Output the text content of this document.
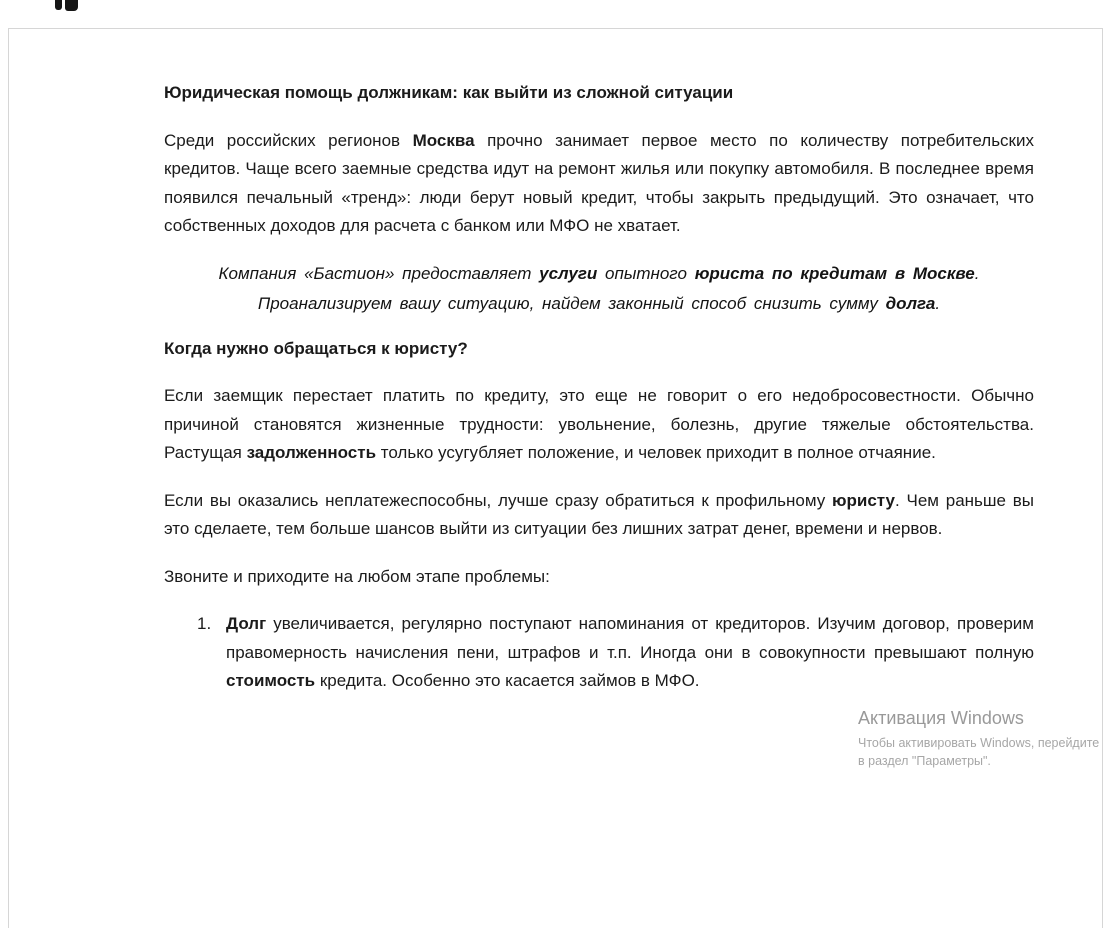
Юридическая помощь должникам: как выйти из сложной ситуации
Среди российских регионов Москва прочно занимает первое место по количеству потребительских кредитов. Чаще всего заемные средства идут на ремонт жилья или покупку автомобиля. В последнее время появился печальный «тренд»: люди берут новый кредит, чтобы закрыть предыдущий. Это означает, что собственных доходов для расчета с банком или МФО не хватает.
Компания «Бастион» предоставляет услуги опытного юриста по кредитам в Москве.
Проанализируем вашу ситуацию, найдем законный способ снизить сумму долга.
Когда нужно обращаться к юристу?
Если заемщик перестает платить по кредиту, это еще не говорит о его недобросовестности. Обычно причиной становятся жизненные трудности: увольнение, болезнь, другие тяжелые обстоятельства. Растущая задолженность только усугубляет положение, и человек приходит в полное отчаяние.
Если вы оказались неплатежеспособны, лучше сразу обратиться к профильному юристу. Чем раньше вы это сделаете, тем больше шансов выйти из ситуации без лишних затрат денег, времени и нервов.
Звоните и приходите на любом этапе проблемы:
1. Долг увеличивается, регулярно поступают напоминания от кредиторов. Изучим договор, проверим правомерность начисления пени, штрафов и т.п. Иногда они в совокупности превышают полную стоимость кредита. Особенно это касается займов в МФО.
Активация Windows
Чтобы активировать Windows, перейдите
в раздел "Параметры".
